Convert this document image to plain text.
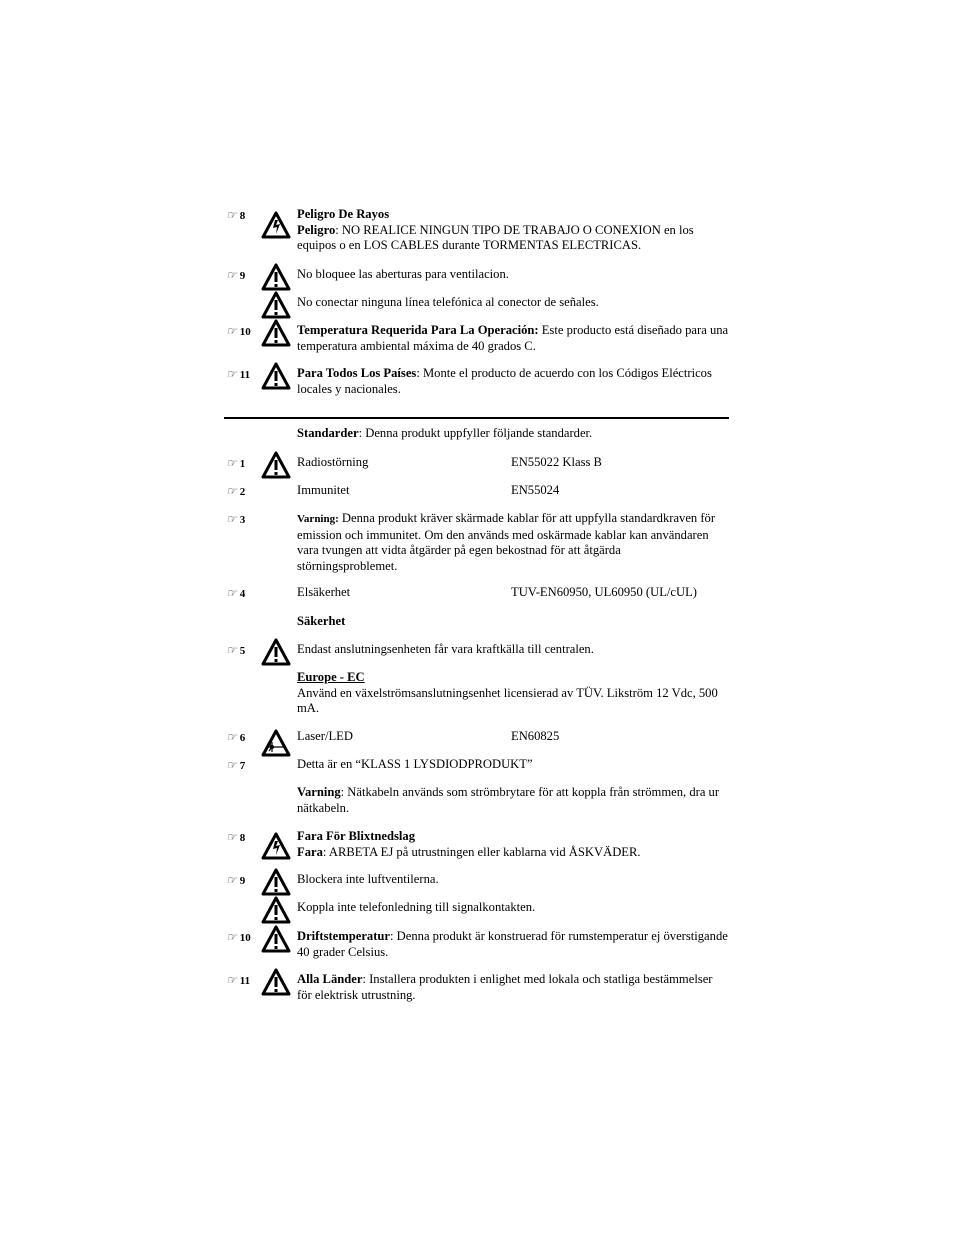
☞ 8	Peligro De Rayos
Peligro: NO REALICE NINGUN TIPO DE TRABAJO O CONEXION en los equipos o en LOS CABLES durante TORMENTAS ELECTRICAS.
☞ 9	No bloquee las aberturas para ventilacion.
No conectar ninguna línea telefónica al conector de señales.
☞ 10	Temperatura Requerida Para La Operación: Este producto está diseñado para una temperatura ambiental máxima de 40 grados C.
☞ 11	Para Todos Los Países: Monte el producto de acuerdo con los Códigos Eléctricos locales y nacionales.
Standarder: Denna produkt uppfyller följande standarder.
☞ 1	Radiostörning	EN55022 Klass B
☞ 2	Immunitet	EN55024
☞ 3	Varning: Denna produkt kräver skärmade kablar för att uppfylla standardkraven för emission och immunitet. Om den används med oskärmade kablar kan användaren vara tvungen att vidta åtgärder på egen bekostnad för att åtgärda störningsproblemet.
☞ 4	Elsäkerhet	TUV-EN60950, UL60950 (UL/cUL)
Säkerhet
☞ 5	Endast anslutningsenheten får vara kraftkälla till centralen.
Europe - EC
Använd en växelströmsanslutningsenhet licensierad av TÜV. Likström 12 Vdc, 500 mA.
☞ 6	Laser/LED	EN60825
☞ 7	Detta är en “KLASS 1 LYSDIODPRODUKT”
Varning: Nätkabeln används som strömbrytare för att koppla från strömmen, dra ur nätkabeln.
☞ 8	Fara För Blixtnedslag
Fara: ARBETA EJ på utrustningen eller kablarna vid ÅSKVÄDER.
☞ 9	Blockera inte luftventilerna.
Koppla inte telefonledning till signalkontakten.
☞ 10	Driftstemperatur: Denna produkt är konstruerad för rumstemperatur ej överstigande 40 grader Celsius.
☞ 11	Alla Länder: Installera produkten i enlighet med lokala och statliga bestämmelser för elektrisk utrustning.
